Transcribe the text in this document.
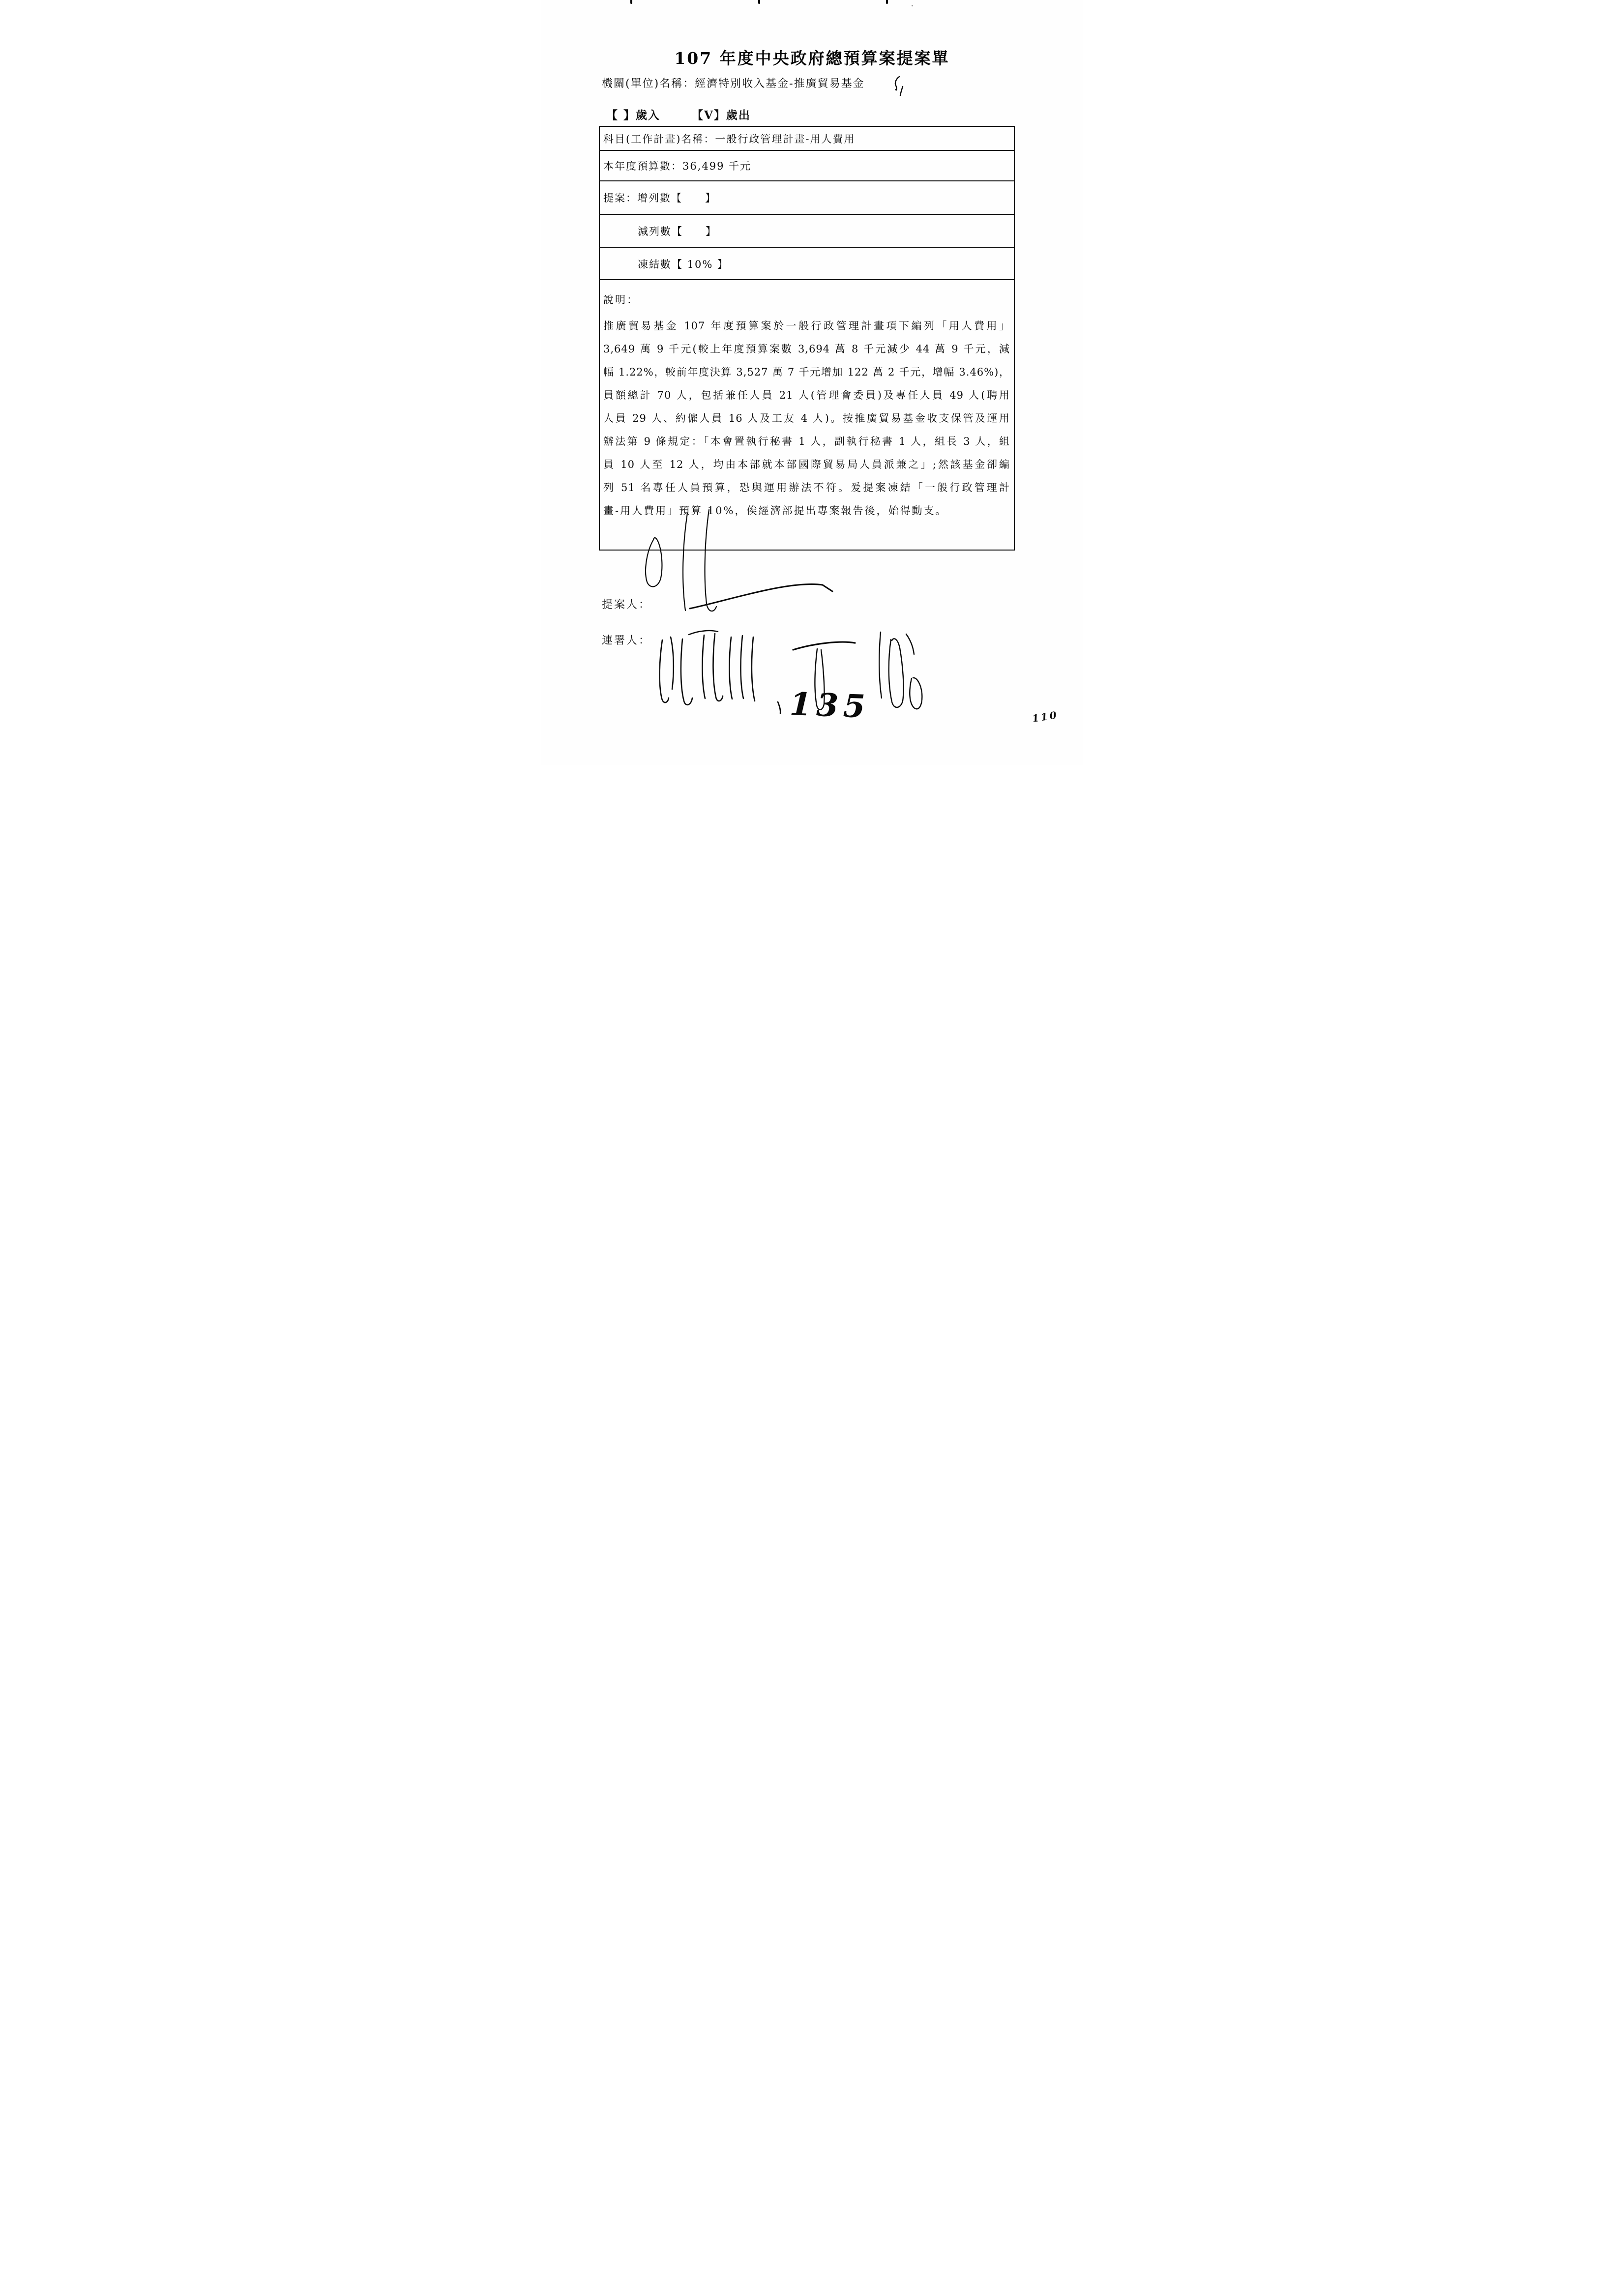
107 年度中央政府總預算案提案單
機關(單位)名稱：經濟特別收入基金-推廣貿易基金
【 】歲入	【V】歲出
科目(工作計畫)名稱：一般行政管理計畫-用人費用
本年度預算數：36,499 千元
提案：增列數【　　】
減列數【　　】
凍結數【 10% 】
說明：
推廣貿易基金 107 年度預算案於一般行政管理計畫項下編列「用人費用」
3,649 萬 9 千元(較上年度預算案數 3,694 萬 8 千元減少 44 萬 9 千元，減
幅 1.22%，較前年度決算 3,527 萬 7 千元增加 122 萬 2 千元，增幅 3.46%)，
員額總計 70 人，包括兼任人員 21 人(管理會委員)及專任人員 49 人(聘用
人員 29 人、約僱人員 16 人及工友 4 人)。按推廣貿易基金收支保管及運用
辦法第 9 條規定：「本會置執行秘書 1 人，副執行秘書 1 人，組長 3 人，組
員 10 人至 12 人，均由本部就本部國際貿易局人員派兼之」;然該基金卻編
列 51 名專任人員預算，恐與運用辦法不符。爰提案凍結「一般行政管理計
畫-用人費用」預算 10%，俟經濟部提出專案報告後，始得動支。
提案人：
連署人：
135	110
